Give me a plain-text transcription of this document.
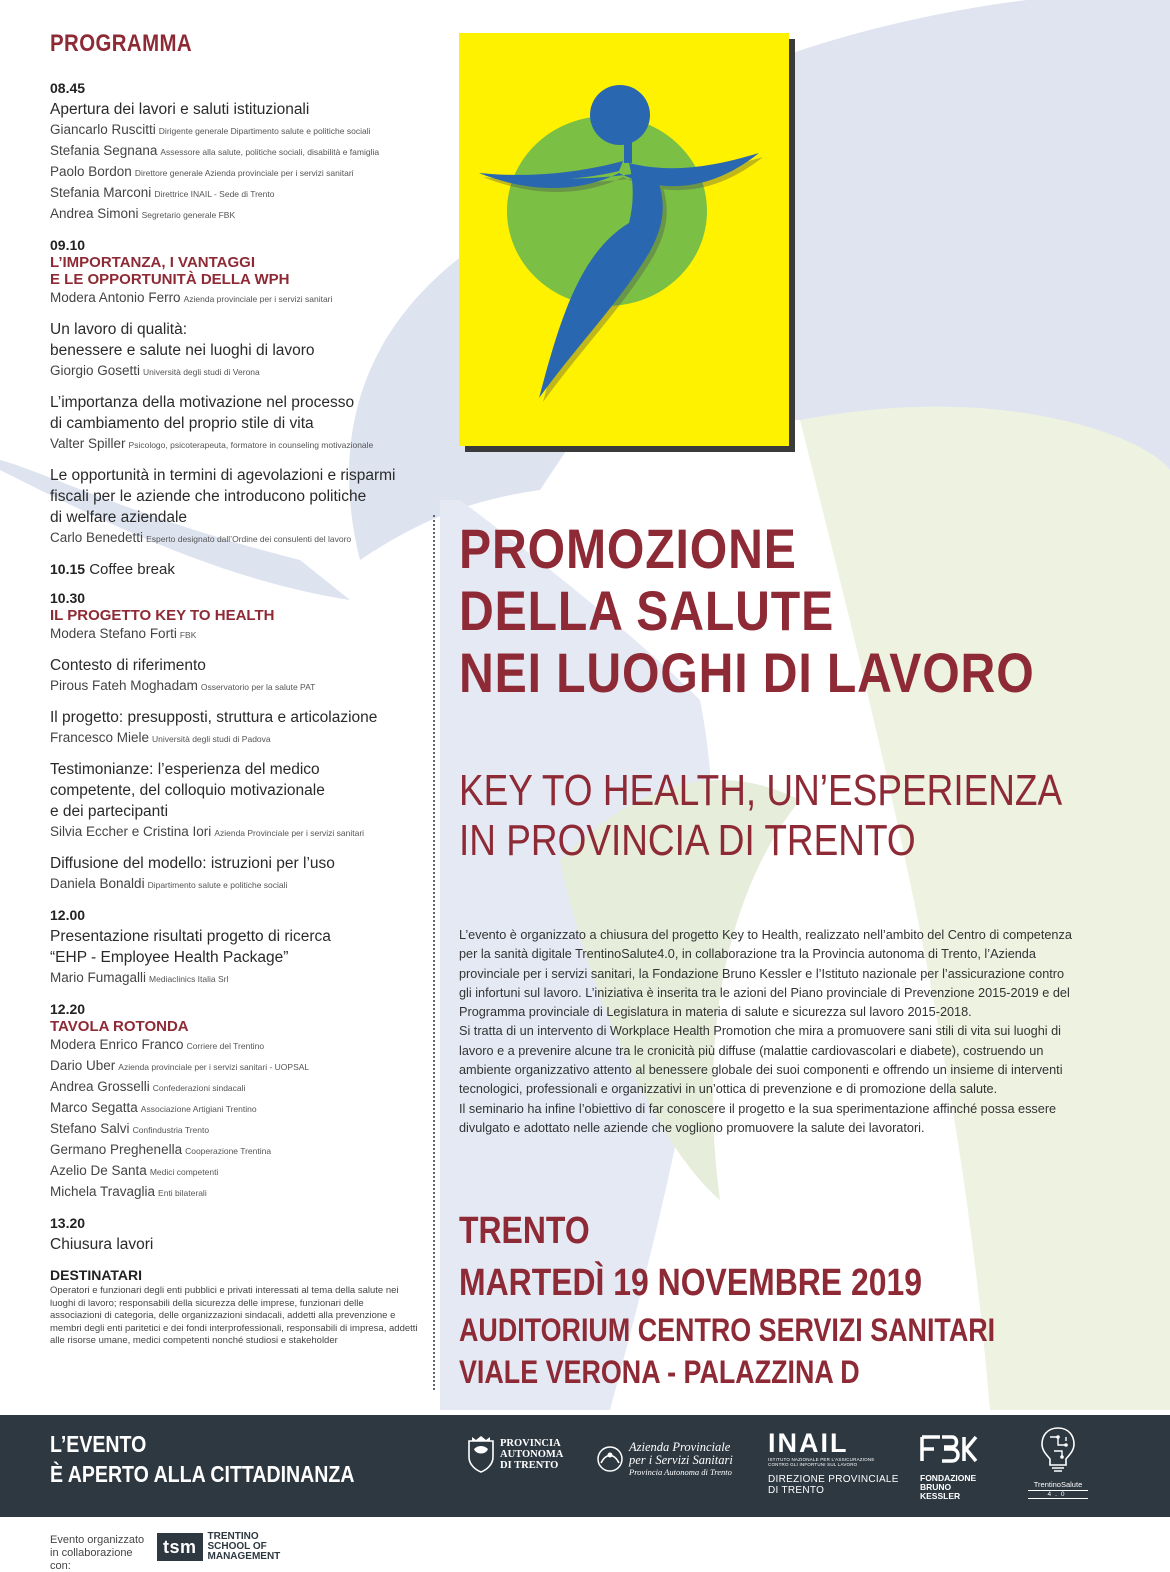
PROGRAMMA
08.45
Apertura dei lavori e saluti istituzionali
Giancarlo Ruscitti Dirigente generale Dipartimento salute e politiche sociali
Stefania Segnana Assessore alla salute, politiche sociali, disabilità e famiglia
Paolo Bordon Direttore generale Azienda provinciale per i servizi sanitari
Stefania Marconi Direttrice INAIL - Sede di Trento
Andrea Simoni Segretario generale FBK
09.10
L’IMPORTANZA, I VANTAGGI
E LE OPPORTUNITÀ DELLA WPH
Modera Antonio Ferro Azienda provinciale per i servizi sanitari
Un lavoro di qualità:
benessere e salute nei luoghi di lavoro
Giorgio Gosetti Università degli studi di Verona
L’importanza della motivazione nel processo
di cambiamento del proprio stile di vita
Valter Spiller Psicologo, psicoterapeuta, formatore in counseling motivazionale
Le opportunità in termini di agevolazioni e risparmi
fiscali per le aziende che introducono politiche
di welfare aziendale
Carlo Benedetti Esperto designato dall’Ordine dei consulenti del lavoro
10.15 Coffee break
10.30
IL PROGETTO KEY TO HEALTH
Modera Stefano Forti FBK
Contesto di riferimento
Pirous Fateh Moghadam Osservatorio per la salute PAT
Il progetto: presupposti, struttura e articolazione
Francesco Miele Università degli studi di Padova
Testimonianze: l’esperienza del medico
competente, del colloquio motivazionale
e dei partecipanti
Silvia Eccher e Cristina Iori Azienda Provinciale per i servizi sanitari
Diffusione del modello: istruzioni per l’uso
Daniela Bonaldi Dipartimento salute e politiche sociali
12.00
Presentazione risultati progetto di ricerca
“EHP - Employee Health Package”
Mario Fumagalli Mediaclinics Italia Srl
12.20
TAVOLA ROTONDA
Modera Enrico Franco Corriere del Trentino
Dario Uber Azienda provinciale per i servizi sanitari - UOPSAL
Andrea Grosselli Confederazioni sindacali
Marco Segatta Associazione Artigiani Trentino
Stefano Salvi Confindustria Trento
Germano Preghenella Cooperazione Trentina
Azelio De Santa Medici competenti
Michela Travaglia Enti bilaterali
13.20
Chiusura lavori
DESTINATARI
Operatori e funzionari degli enti pubblici e privati interessati al tema della salute nei luoghi di lavoro; responsabili della sicurezza delle imprese, funzionari delle associazioni di categoria, delle organizzazioni sindacali, addetti alla prevenzione e membri degli enti paritetici e dei fondi interprofessionali, responsabili di impresa, addetti alle risorse umane, medici competenti nonché studiosi e stakeholder
PROMOZIONE
DELLA SALUTE
NEI LUOGHI DI LAVORO
KEY TO HEALTH, UN’ESPERIENZA
IN PROVINCIA DI TRENTO

L’evento è organizzato a chiusura del progetto Key to Health, realizzato nell’ambito del Centro di competenza per la sanità digitale TrentinoSalute4.0, in collaborazione tra la Provincia autonoma di Trento, l’Azienda provinciale per i servizi sanitari, la Fondazione Bruno Kessler e l’Istituto nazionale per l’assicurazione contro gli infortuni sul lavoro. L’iniziativa è inserita tra le azioni del Piano provinciale di Prevenzione 2015-2019 e del Programma provinciale di Legislatura in materia di salute e sicurezza sul lavoro 2015-2018.

Si tratta di un intervento di Workplace Health Promotion che mira a promuovere sani stili di vita sui luoghi di lavoro e a prevenire alcune tra le cronicità più diffuse (malattie cardiovascolari e diabete), costruendo un ambiente organizzativo attento al benessere globale dei suoi componenti e offrendo un insieme di interventi tecnologici, professionali e organizzativi in un’ottica di prevenzione e di promozione della salute.

Il seminario ha infine l’obiettivo di far conoscere il progetto e la sua sperimentazione affinché possa essere divulgato e adottato nelle aziende che vogliono promuovere la salute dei lavoratori.

TRENTO
MARTEDÌ 19 NOVEMBRE 2019
AUDITORIUM CENTRO SERVIZI SANITARI
VIALE VERONA - PALAZZINA D
L’EVENTO
È APERTO ALLA CITTADINANZA
PROVINCIA
AUTONOMA
DI TRENTO
Azienda Provinciale
per i Servizi Sanitari
Provincia Autonoma di Trento
INAIL
ISTITUTO NAZIONALE PER L’ASSICURAZIONE
CONTRO GLI INFORTUNI SUL LAVORO
DIREZIONE PROVINCIALE
DI TRENTO
FONDAZIONE
BRUNO KESSLER
TrentinoSalute
4.0
Evento organizzato in collaborazione con:
tsm
TRENTINO
SCHOOL OF
MANAGEMENT
